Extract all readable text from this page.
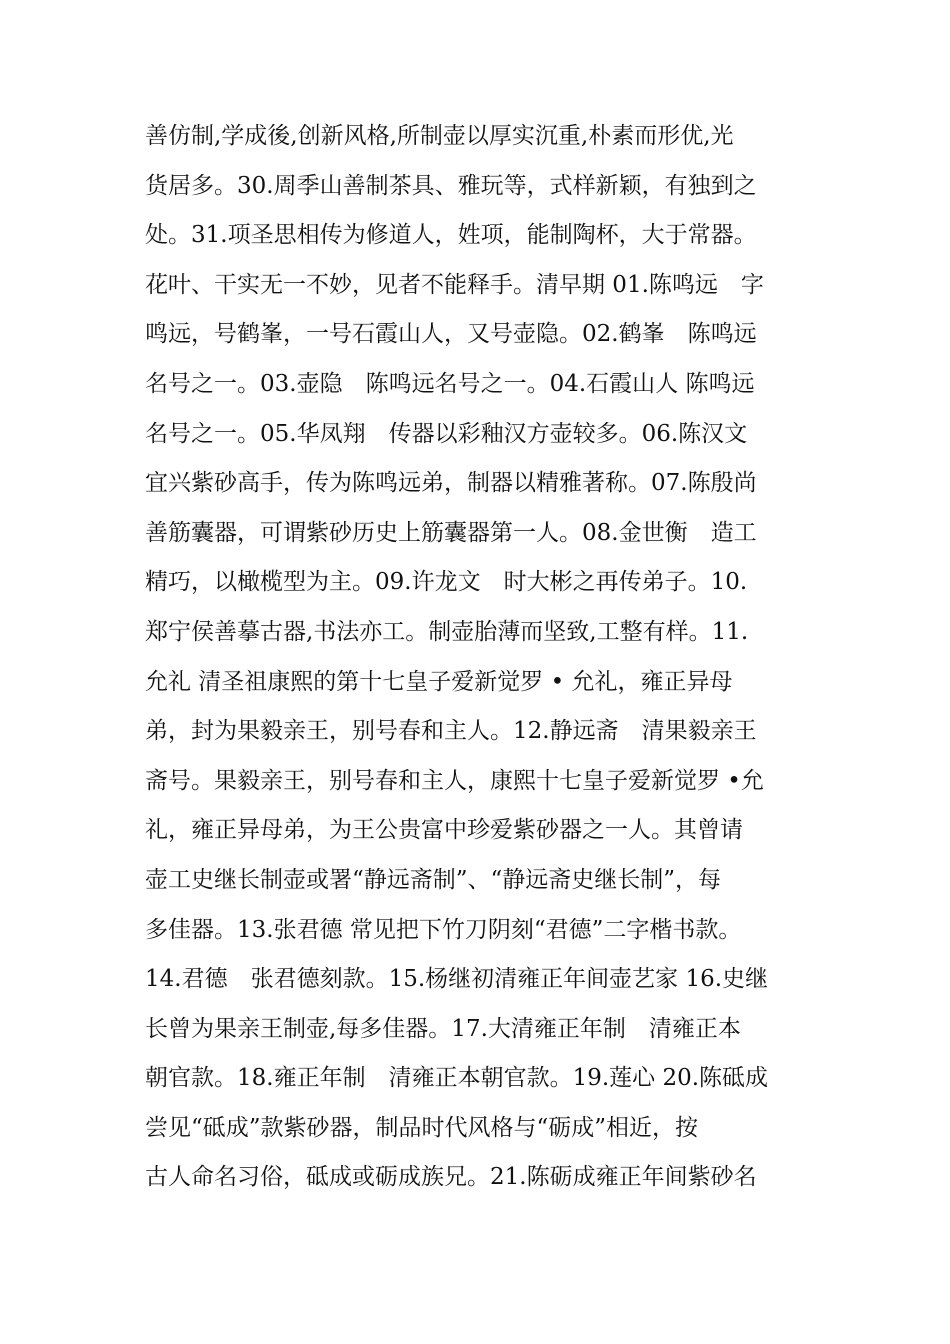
善仿制,学成後,创新风格,所制壶以厚实沉重,朴素而形优,光
货居多。30.周季山善制茶具、雅玩等，式样新颖，有独到之
处。31.项圣思相传为修道人，姓项，能制陶杯，大于常器。
花叶、干实无一不妙，见者不能释手。清早期 01.陈鸣远　字
鸣远，号鹤峯，一号石霞山人，又号壶隐。02.鹤峯　陈鸣远
名号之一。03.壶隐　陈鸣远名号之一。04.石霞山人 陈鸣远
名号之一。05.华凤翔　传器以彩釉汉方壶较多。06.陈汉文
宜兴紫砂高手，传为陈鸣远弟，制器以精雅著称。07.陈殷尚
善筋囊器，可谓紫砂历史上筋囊器第一人。08.金世衡　造工
精巧，以橄榄型为主。09.许龙文　时大彬之再传弟子。10.
郑宁侯善摹古器,书法亦工。制壶胎薄而坚致,工整有样。11.
允礼 清圣祖康熙的第十七皇子爱新觉罗 • 允礼，雍正异母
弟，封为果毅亲王，别号春和主人。12.静远斋　清果毅亲王
斋号。果毅亲王，别号春和主人，康熙十七皇子爱新觉罗 •允
礼，雍正异母弟，为王公贵富中珍爱紫砂器之一人。其曾请
壶工史继长制壶或署“静远斋制”、“静远斋史继长制”，每
多佳器。13.张君德 常见把下竹刀阴刻“君德”二字楷书款。
14.君德　张君德刻款。15.杨继初清雍正年间壶艺家 16.史继
长曾为果亲王制壶,每多佳器。17.大清雍正年制　清雍正本
朝官款。18.雍正年制　清雍正本朝官款。19.莲心 20.陈砥成
尝见“砥成”款紫砂器，制品时代风格与“砺成”相近，按
古人命名习俗，砥成或砺成族兄。21.陈砺成雍正年间紫砂名
